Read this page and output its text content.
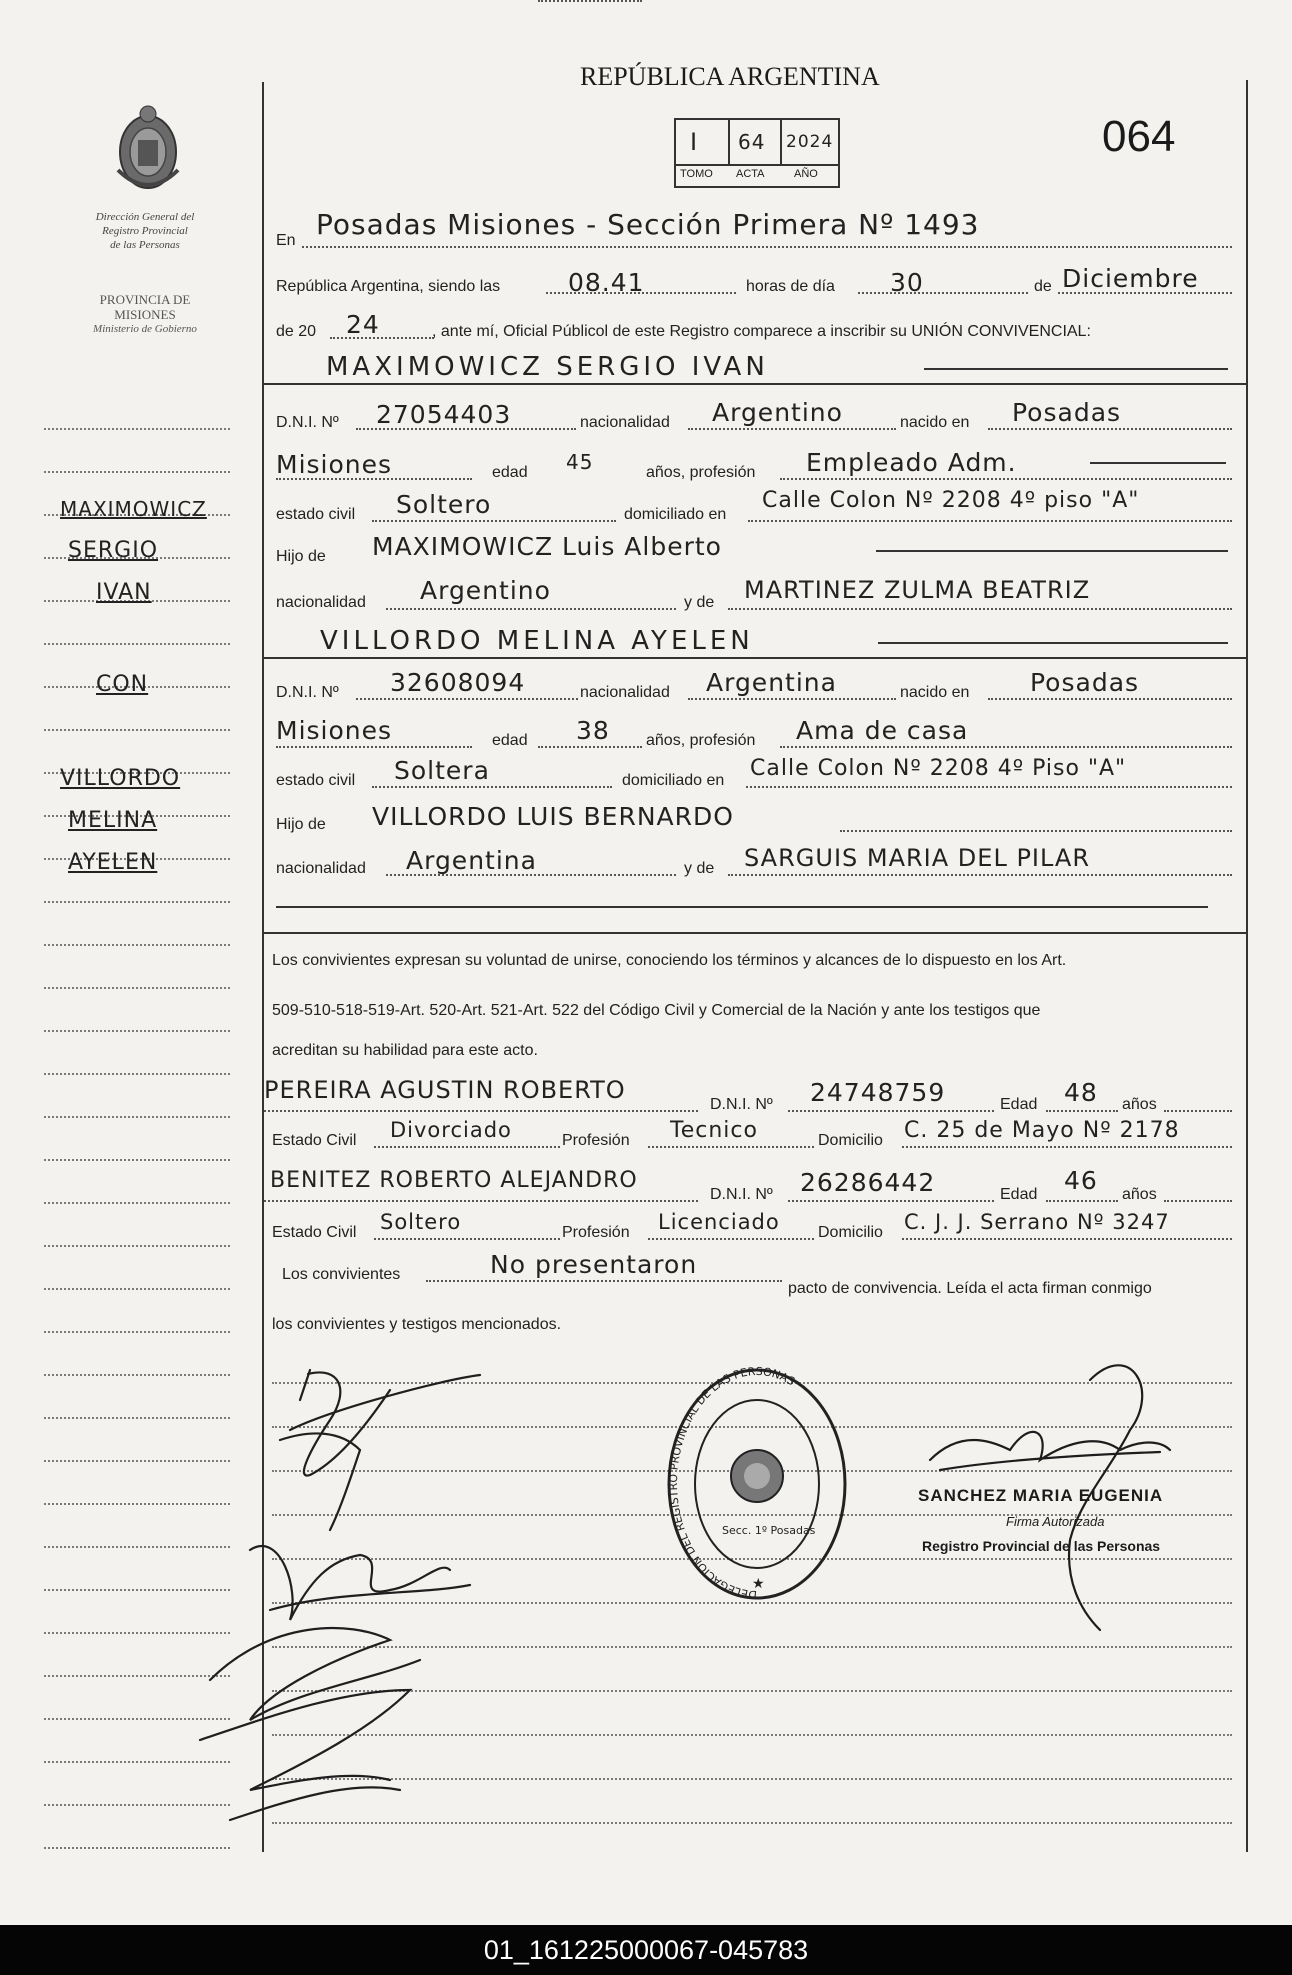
Dirección General del
Registro Provincial
de las Personas
PROVINCIA DE
MISIONES
Ministerio de Gobierno
REPÚBLICA ARGENTINA
064
I 64 2024
TOMO ACTA	AÑO
MAXIMOWICZ
SERGIO
IVAN
CON
VILLORDO
MELINA
AYELEN
En Posadas Misiones - Sección Primera Nº 1493
República Argentina, siendo las	08.41	horas de día 30	de Diciembre
de 20 24	, ante mí, Oficial Públicol de este Registro comparece a inscribir su UNIÓN CONVIVENCIAL:
MAXIMOWICZ SERGIO IVAN
D.N.I. Nº 27054403	nacionalidad Argentino	nacido en Posadas
Misiones	edad 45	años, profesión Empleado Adm.
estado civil Soltero	domiciliado en
Calle Colon Nº 2208 4º piso "A"
Hijo de MAXIMOWICZ Luis Alberto
nacionalidad Argentino	y de MARTINEZ ZULMA BEATRIZ
VILLORDO MELINA AYELEN
D.N.I. Nº 32608094	nacionalidad Argentina	nacido en Posadas
Misiones	edad 38 años, profesión Ama de casa
estado civil Soltera	domiciliado en Calle Colon Nº 2208 4º Piso "A"
Hijo de VILLORDO LUIS BERNARDO
nacionalidad Argentina	y de SARGUIS MARIA DEL PILAR
Los convivientes expresan su voluntad de unirse, conociendo los términos y alcances de lo dispuesto en los Art.
509-510-518-519-Art. 520-Art. 521-Art. 522 del Código Civil y Comercial de la Nación y ante los testigos que
acreditan su habilidad para este acto.
PEREIRA AGUSTIN ROBERTO
D.N.I. Nº 24748759	Edad 48 años
Estado Civil Divorciado	Profesión Tecnico	Domicilio C. 25 de Mayo Nº 2178
BENITEZ ROBERTO ALEJANDRO
D.N.I. Nº 26286442	Edad 46 años
Estado Civil Soltero	Profesión Licenciado Domicilio C. J. J. Serrano Nº 3247
Los convivientes	No presentaron
pacto de convivencia. Leída el acta firman conmigo
los convivientes y testigos mencionados.
DELEGACION DEL REGISTRO PROVINCIAL DE LAS PERSONAS
Secc. 1º Posadas
★
SANCHEZ MARIA EUGENIA
Firma Autorizada
Registro Provincial de las Personas
01_161225000067-045783
